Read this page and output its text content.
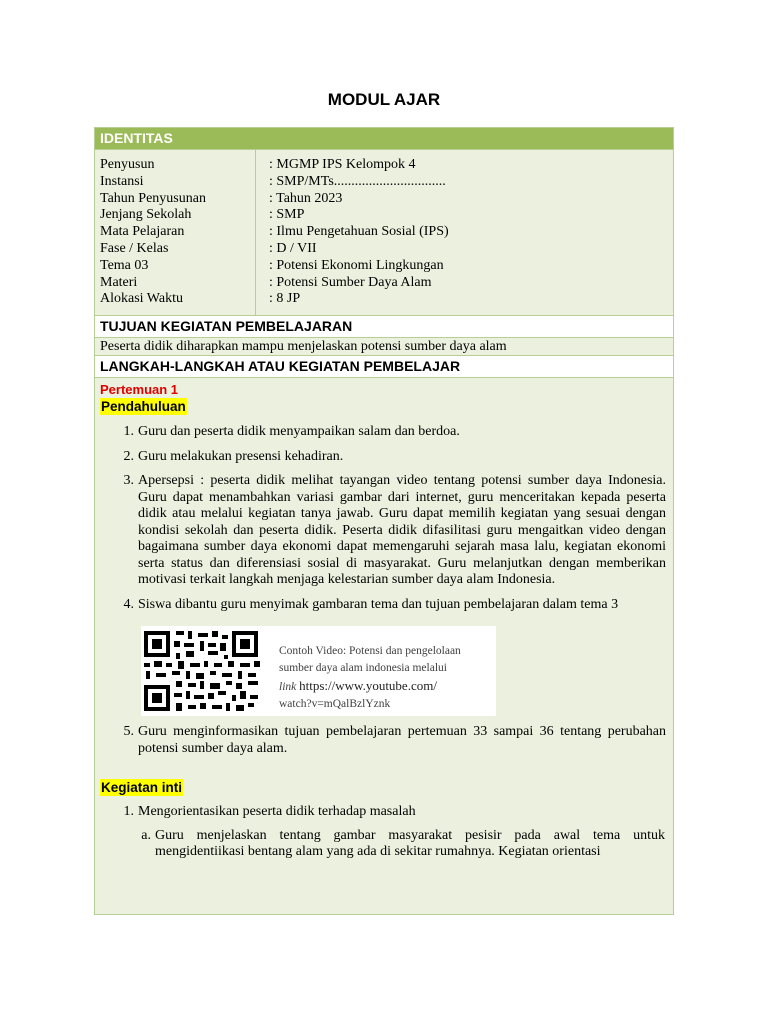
MODUL AJAR
IDENTITAS
Penyusun
Instansi
Tahun Penyusunan
Jenjang Sekolah
Mata Pelajaran
Fase / Kelas
Tema 03
Materi
Alokasi Waktu
: MGMP IPS Kelompok 4
: SMP/MTs................................
: Tahun 2023
: SMP
: Ilmu Pengetahuan Sosial (IPS)
: D / VII
: Potensi Ekonomi Lingkungan
: Potensi Sumber Daya Alam
: 8 JP
TUJUAN KEGIATAN PEMBELAJARAN
Peserta didik diharapkan mampu menjelaskan potensi sumber daya alam
LANGKAH-LANGKAH ATAU KEGIATAN PEMBELAJAR
Pertemuan 1
Pendahuluan
1. Guru dan peserta didik menyampaikan salam dan berdoa.
2. Guru melakukan presensi kehadiran.
3. Apersepsi : peserta didik melihat tayangan video tentang potensi sumber daya Indonesia. Guru dapat menambahkan variasi gambar dari internet, guru menceritakan kepada peserta didik atau melalui kegiatan tanya jawab. Guru dapat memilih kegiatan yang sesuai dengan kondisi sekolah dan peserta didik. Peserta didik difasilitasi guru mengaitkan video dengan bagaimana sumber daya ekonomi dapat memengaruhi sejarah masa lalu, kegiatan ekonomi serta status dan diferensiasi sosial di masyarakat. Guru melanjutkan dengan memberikan motivasi terkait langkah menjaga kelestarian sumber daya alam Indonesia.
4. Siswa dibantu guru menyimak gambaran tema dan tujuan pembelajaran dalam tema 3
Contoh Video: Potensi dan pengelolaan
sumber daya alam indonesia melalui
link https://www.youtube.com/
watch?v=mQalBzlYznk
5. Guru menginformasikan tujuan pembelajaran pertemuan 33 sampai 36 tentang perubahan potensi sumber daya alam.
Kegiatan inti
1. Mengorientasikan peserta didik terhadap masalah
a. Guru menjelaskan tentang gambar masyarakat pesisir pada awal tema untuk mengidentiikasi bentang alam yang ada di sekitar rumahnya. Kegiatan orientasi
